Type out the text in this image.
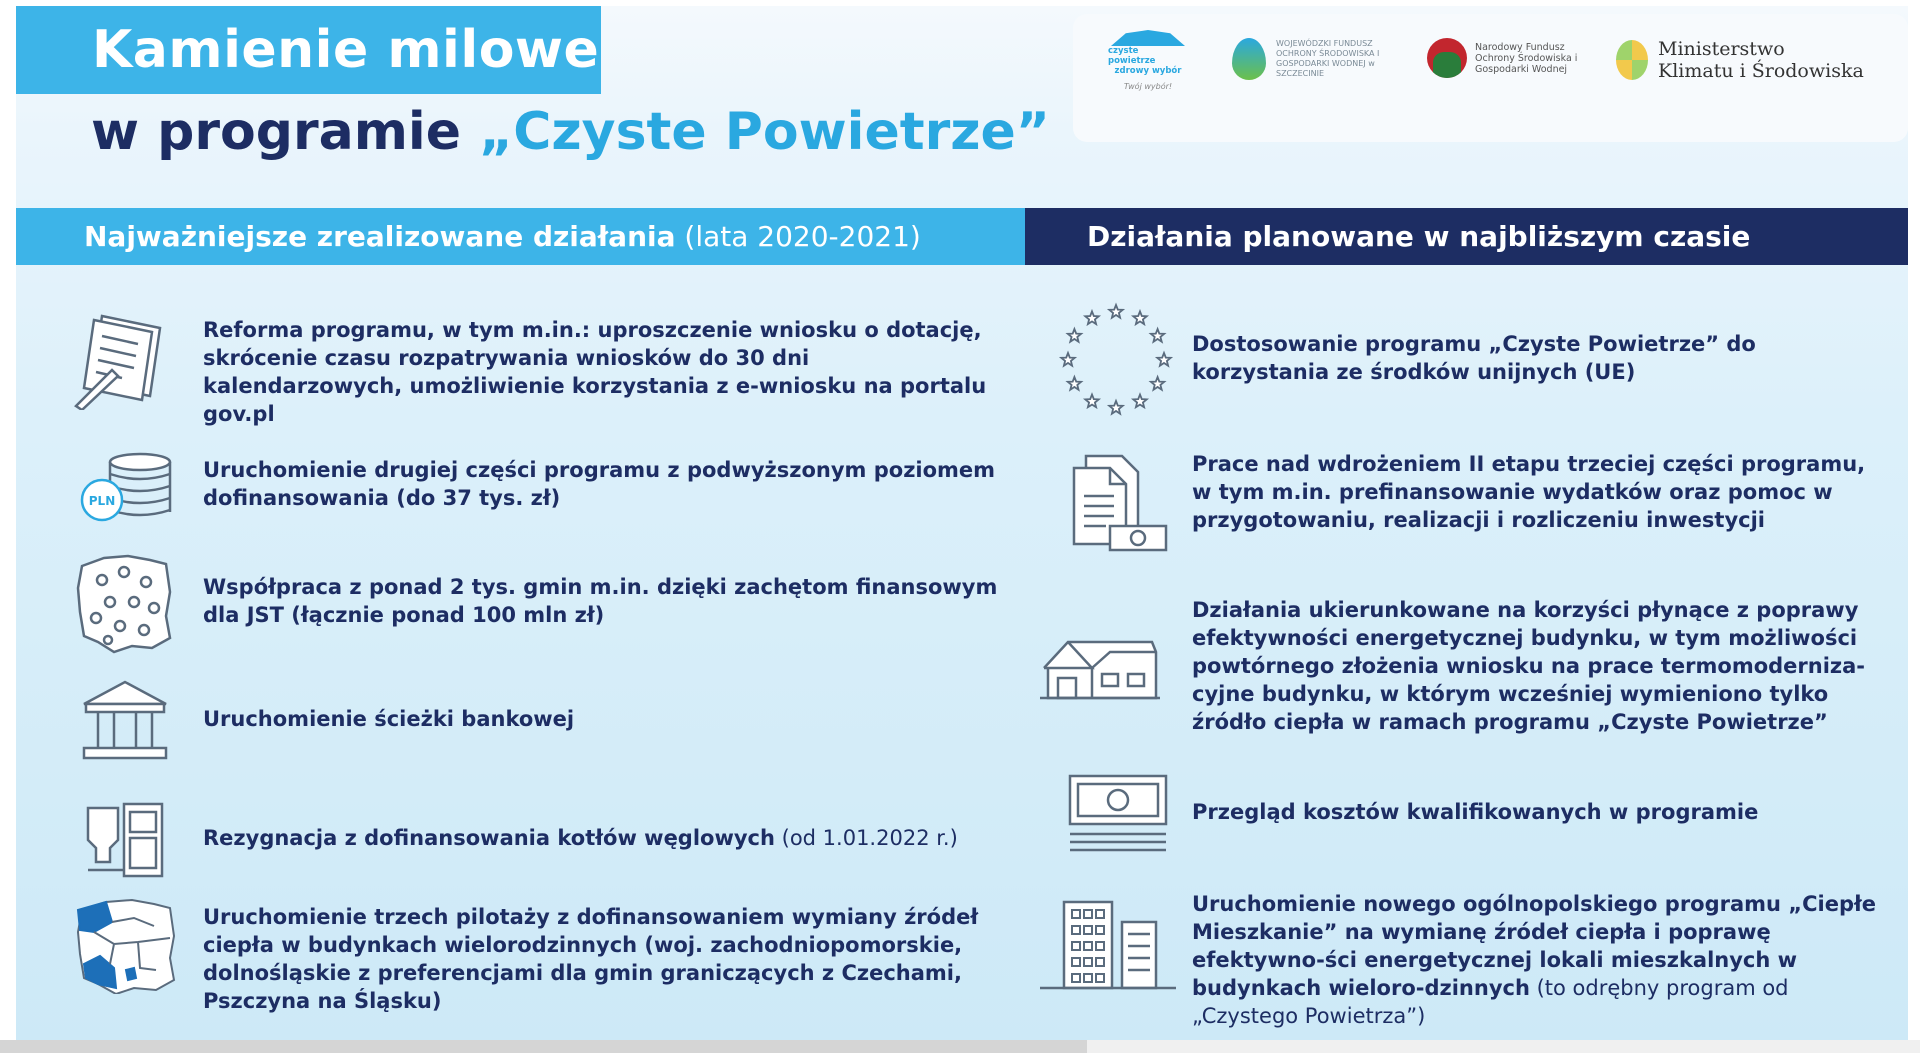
Kamienie milowe
w programie „Czyste Powietrze”
czyste powietrze
zdrowy wybór
Twój wybór!
WOJEWÓDZKI FUNDUSZ OCHRONY ŚRODOWISKA I GOSPODARKI WODNEJ w SZCZECINIE
Narodowy Fundusz Ochrony Środowiska i Gospodarki Wodnej
Ministerstwo
Klimatu i Środowiska
Najważniejsze zrealizowane działania (lata 2020-2021)	Działania planowane w najbliższym czasie
Reforma programu, w tym m.in.: uproszczenie wniosku o dotację, skrócenie czasu rozpatrywania wniosków do 30 dni kalendarzowych, umożliwienie korzystania z e-wniosku na portalu gov.pl
PLN
Uruchomienie drugiej części programu z podwyższonym poziomem dofinansowania (do 37 tys. zł)
Współpraca z ponad 2 tys. gmin m.in. dzięki zachętom finansowym dla JST (łącznie ponad 100 mln zł)
Uruchomienie ścieżki bankowej
Rezygnacja z dofinansowania kotłów węglowych (od 1.01.2022 r.)
Uruchomienie trzech pilotaży z dofinansowaniem wymiany źródeł ciepła w budynkach wielorodzinnych (woj. zachodniopomorskie, dolnośląskie z preferencjami dla gmin graniczących z Czechami, Pszczyna na Śląsku)
Dostosowanie programu „Czyste Powietrze” do korzystania ze środków unijnych (UE)
Prace nad wdrożeniem II etapu trzeciej części programu, w tym m.in. prefinansowanie wydatków oraz pomoc w przygotowaniu, realizacji i rozliczeniu inwestycji
Działania ukierunkowane na korzyści płynące z poprawy efektywności energetycznej budynku, w tym możliwości powtórnego złożenia wniosku na prace termomoderniza-cyjne budynku, w którym wcześniej wymieniono tylko źródło ciepła w ramach programu „Czyste Powietrze”
Przegląd kosztów kwalifikowanych w programie
Uruchomienie nowego ogólnopolskiego programu „Ciepłe Mieszkanie” na wymianę źródeł ciepła i poprawę efektywno-ści energetycznej lokali mieszkalnych w budynkach wieloro-dzinnych (to odrębny program od „Czystego Powietrza”)
